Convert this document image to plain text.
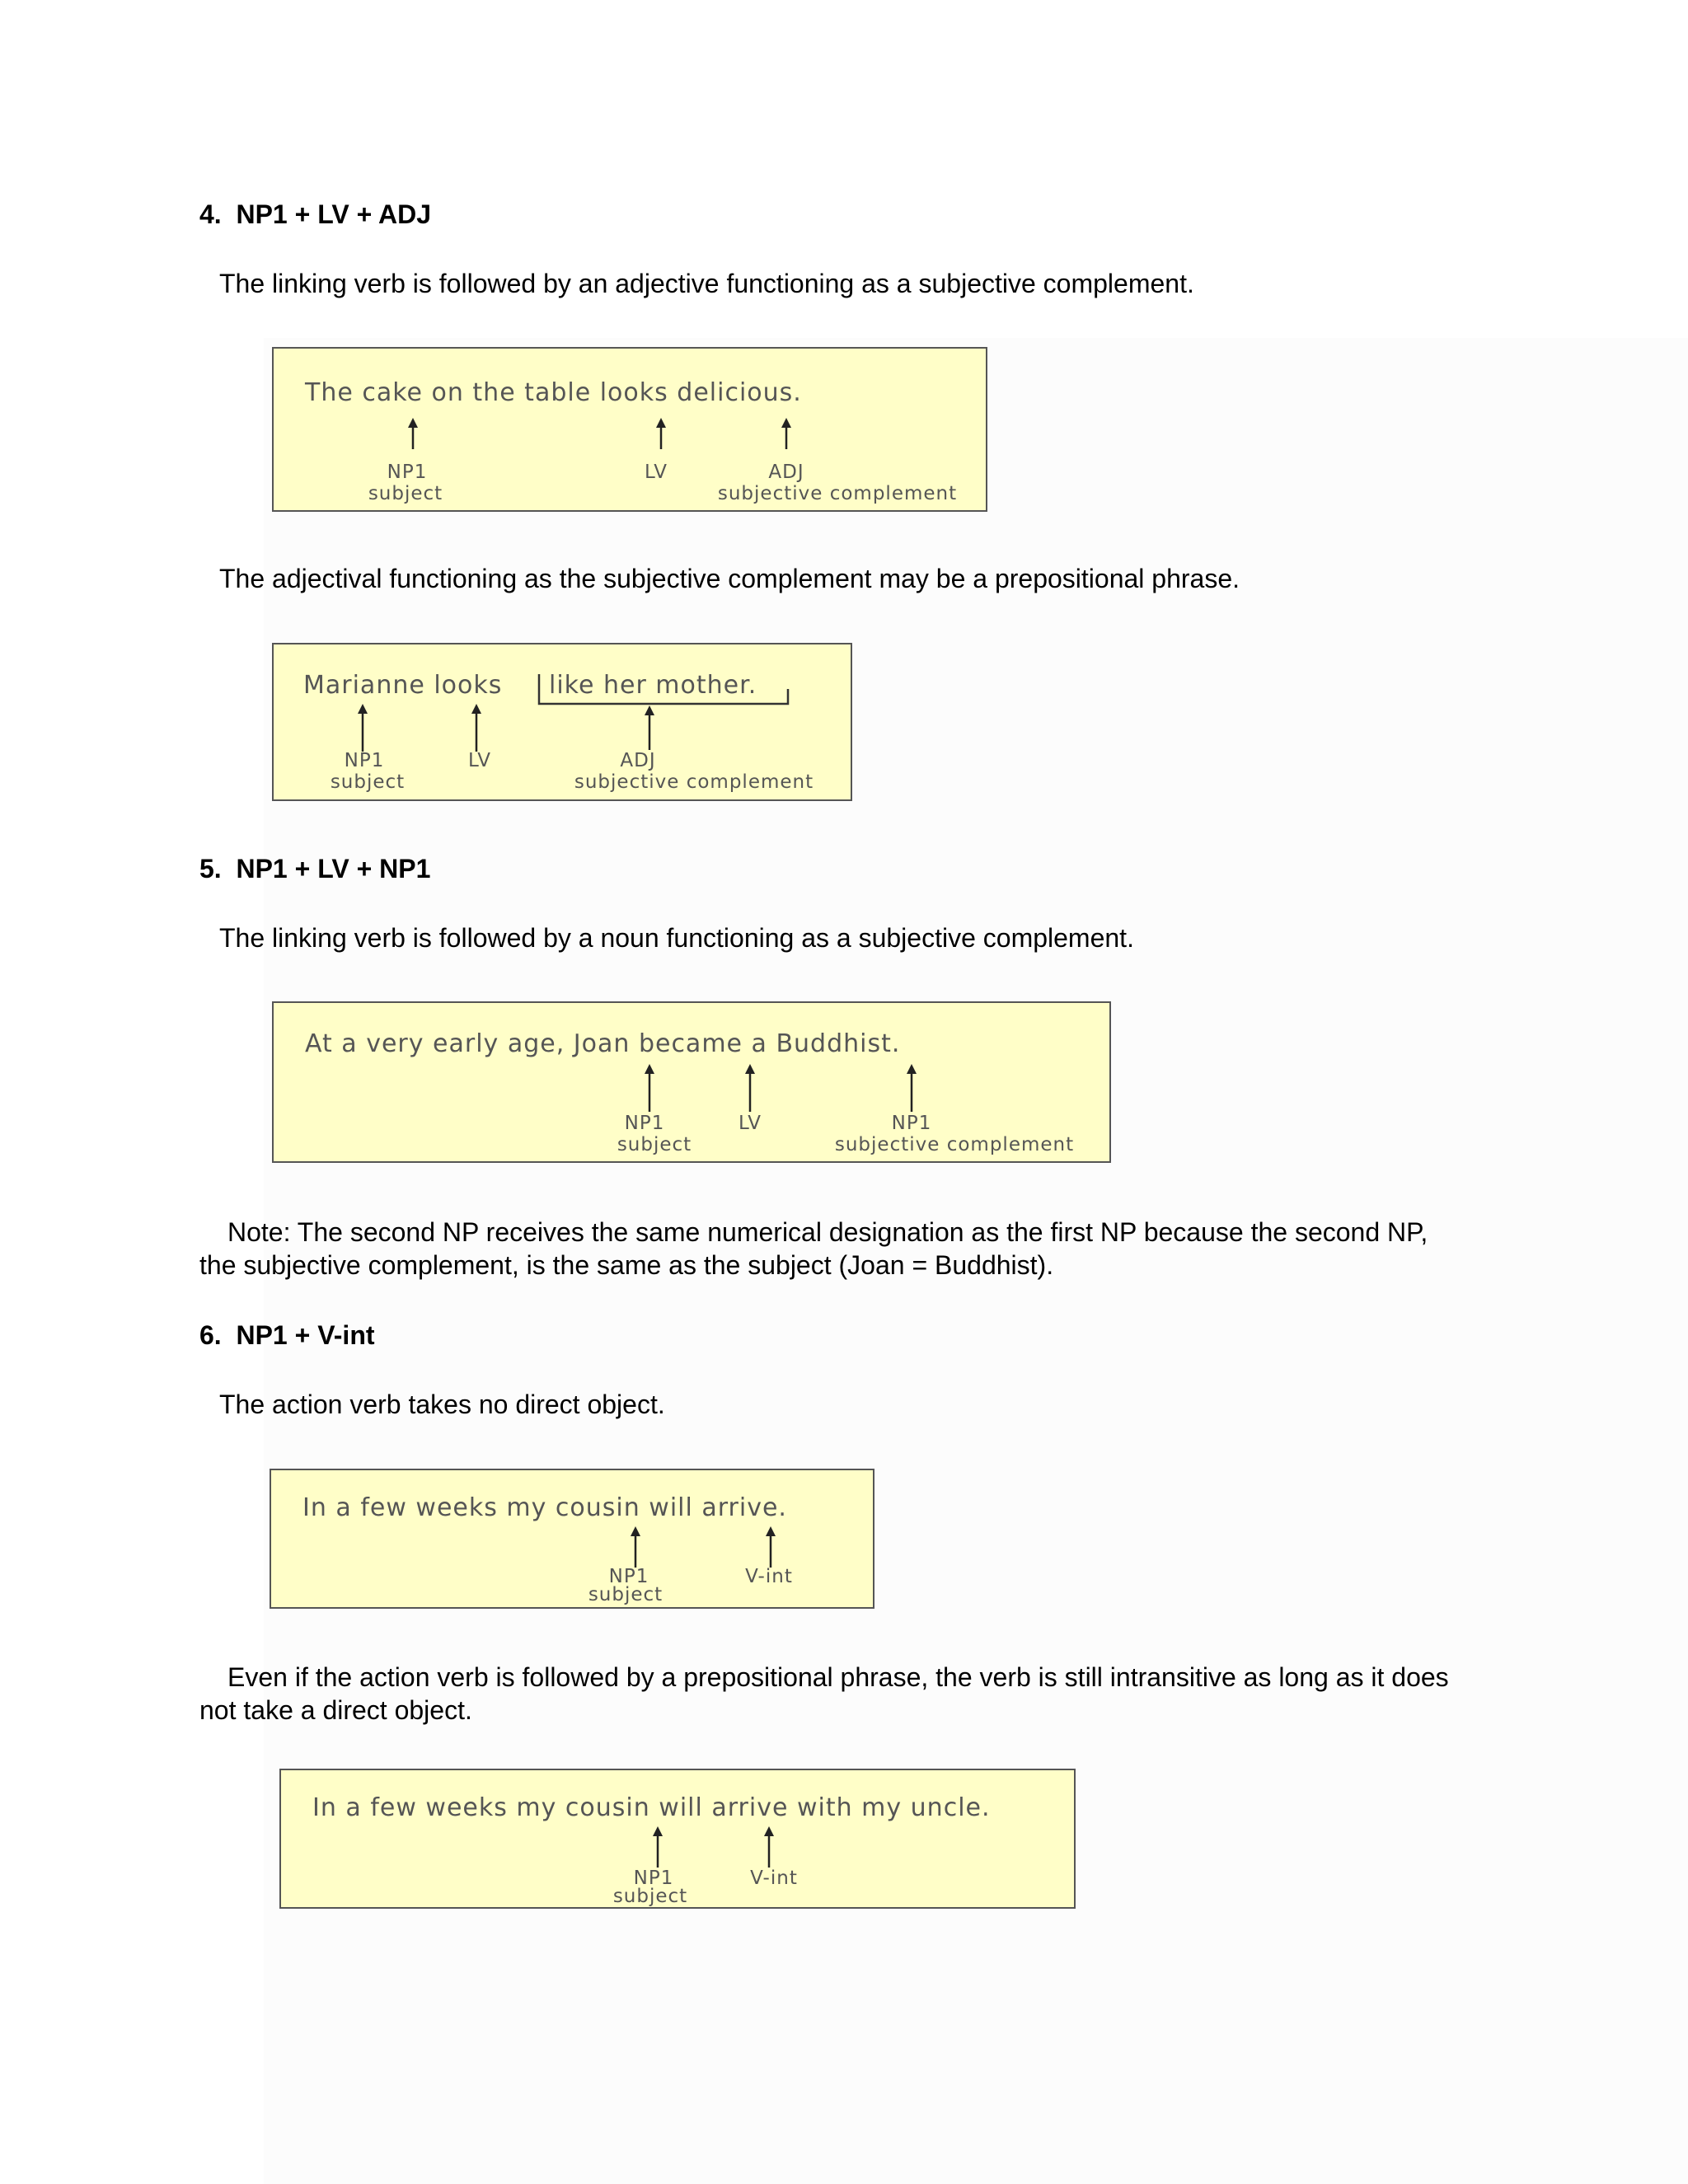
4.  NP1 + LV + ADJ

The linking verb is followed by an adjective functioning as a subjective complement.

The cake on the table looks delicious.
NP1
subject
LV	ADJ
subjective complement

The adjectival functioning as the subjective complement may be a prepositional phrase.

Marianne looks like her mother.
NP1
subject
LV	ADJ
subjective complement
5.  NP1 + LV + NP1

The linking verb is followed by a noun functioning as a subjective complement.

At a very early age, Joan became a Buddhist.
NP1
subject
LV	NP1
subjective complement

Note: The second NP receives the same numerical designation as the first NP because the second NP, the subjective complement, is the same as the subject (Joan = Buddhist).

6.  NP1 + V-int

The action verb takes no direct object.

In a few weeks my cousin will arrive.
NP1
subject
V-int

Even if the action verb is followed by a prepositional phrase, the verb is still intransitive as long as it does not take a direct object.

In a few weeks my cousin will arrive with my uncle.
NP1
subject
V-int
